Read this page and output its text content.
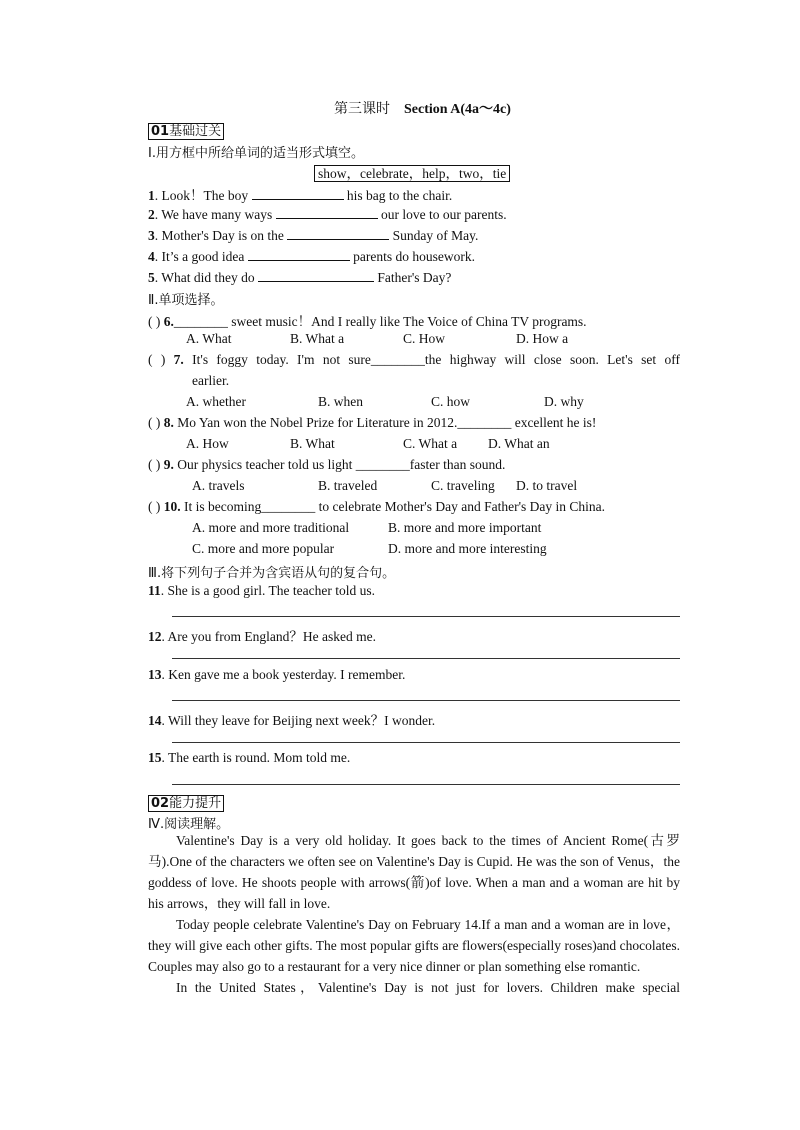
第三课时 Section A(4a～4c)
01基础过关
Ⅰ.用方框中所给单词的适当形式填空。
show，celebrate，help，two，tie
1. Look！The boy	his bag to the chair.
2. We have many ways	our love to our parents.
3. Mother's Day is on the	Sunday of May.
4. It’s a good idea	parents do housework.
5. What did they do	Father's Day?
Ⅱ.单项选择。
( ) 6.________ sweet music！And I really like The Voice of China TV programs.
A. What	B. What a	C. How	D. How a
( ) 7. It's foggy today. I'm not sure________the highway will close soon. Let's set off
earlier.
A. whether	B. when	C. how	D. why
( ) 8. Mo Yan won the Nobel Prize for Literature in 2012.________ excellent he is!
A. How	B. What	C. What a D. What an
( ) 9. Our physics teacher told us light ________faster than sound.
A. travels	B. traveled	C. traveling D. to travel
( ) 10. It is becoming________ to celebrate Mother's Day and Father's Day in China.
A. more and more traditional	B. more and more important
C. more and more popular	D. more and more interesting
Ⅲ.将下列句子合并为含宾语从句的复合句。
11. She is a good girl. The teacher told us.
12. Are you from England？He asked me.
13. Ken gave me a book yesterday. I remember.
14. Will they leave for Beijing next week？I wonder.
15. The earth is round. Mom told me.
02能力提升
Ⅳ.阅读理解。

Valentine's Day is a very old holiday. It goes back to the times of Ancient Rome(古罗马).One of the characters we often see on Valentine's Day is Cupid. He was the son of Venus，the goddess of love. He shoots people with arrows(箭)of love. When a man and a woman are hit by his arrows，they will fall in love.

Today people celebrate Valentine's Day on February 14.If a man and a woman are in love， they will give each other gifts. The most popular gifts are flowers(especially roses)and chocolates. Couples may also go to a restaurant for a very nice dinner or plan something else romantic.

In the United States，Valentine's Day is not just for lovers. Children make special
